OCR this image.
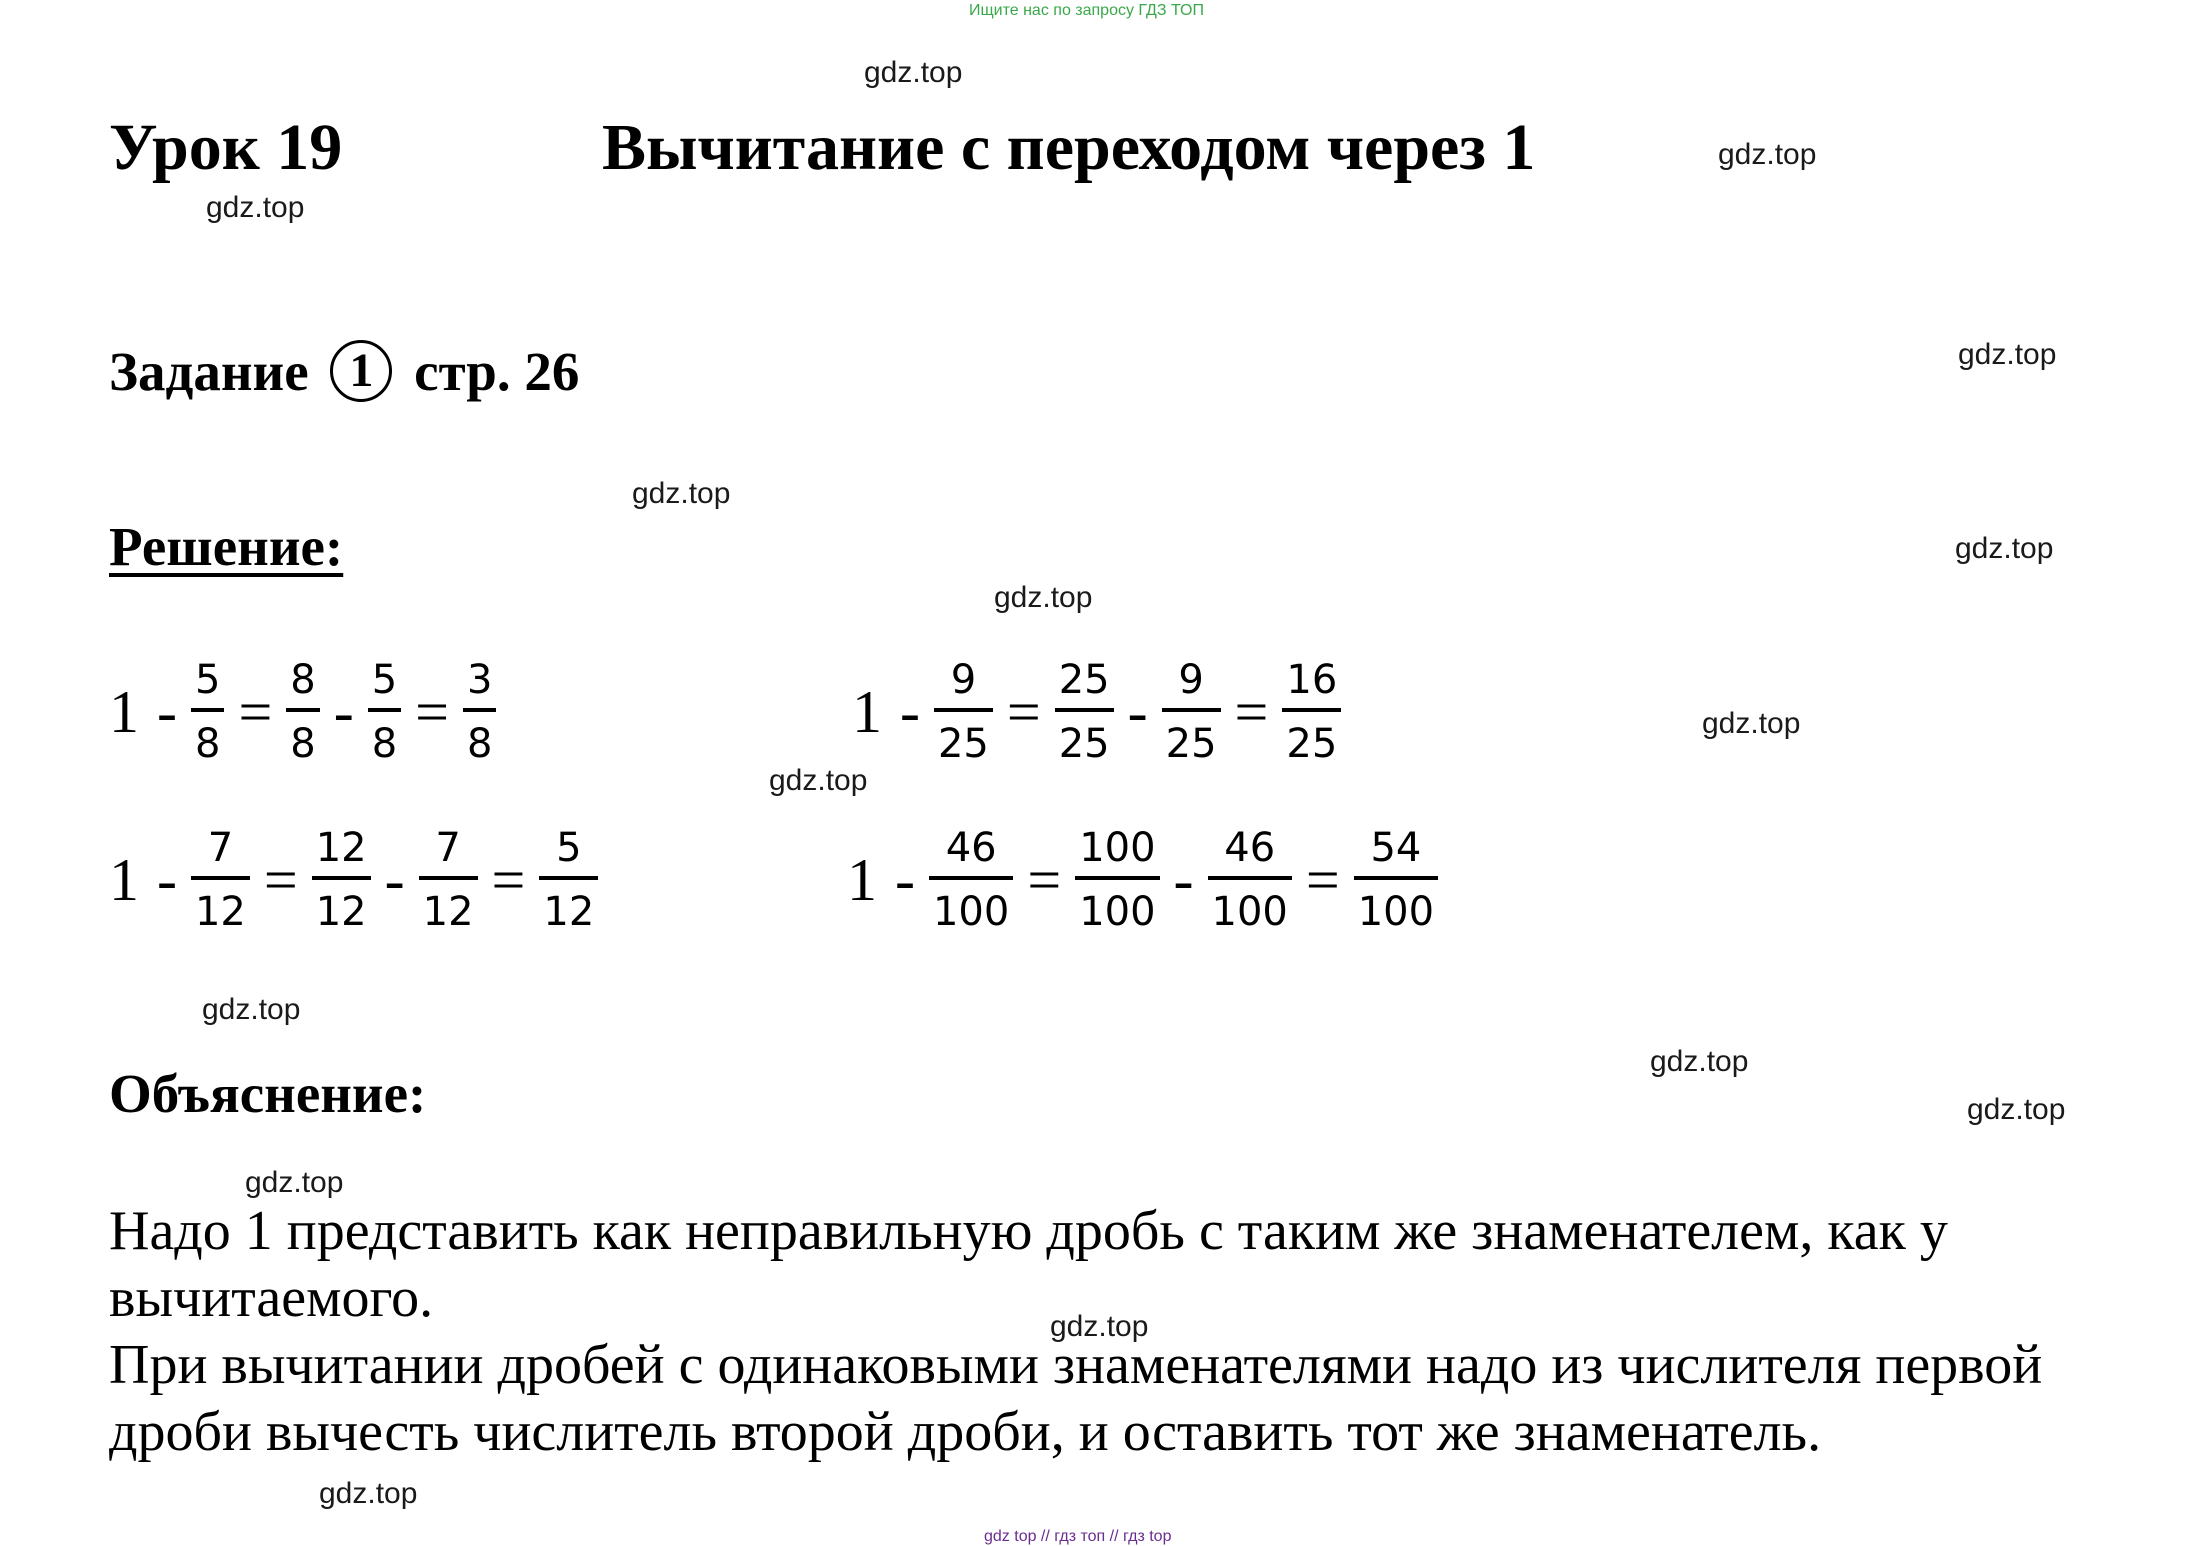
Ищите нас по запросу ГДЗ ТОП
gdz.top
gdz.top
gdz.top
gdz.top
gdz.top
gdz.top
gdz.top
gdz.top
gdz.top
gdz.top
gdz.top
gdz.top
gdz.top
gdz.top
gdz.top
Урок 19	Вычитание с переходом через 1
Задание 1 стр. 26
Решение:
$1 - \frac{5}{8} = \frac{8}{8} - \frac{5}{8} = \frac{3}{8}$	$1 - \frac{9}{25} = \frac{25}{25} - \frac{9}{25} = \frac{16}{25}$
$1 - \frac{7}{12} = \frac{12}{12} - \frac{7}{12} = \frac{5}{12}$	$1 - \frac{46}{100} = \frac{100}{100} - \frac{46}{100} = \frac{54}{100}$
Объяснение:
Надо 1 представить как неправильную дробь с таким же знаменателем, как у вычитаемого.
При вычитании дробей с одинаковыми знаменателями надо из числителя первой дроби вычесть числитель второй дроби, и оставить тот же знаменатель.
gdz top // гдз топ // гдз top
